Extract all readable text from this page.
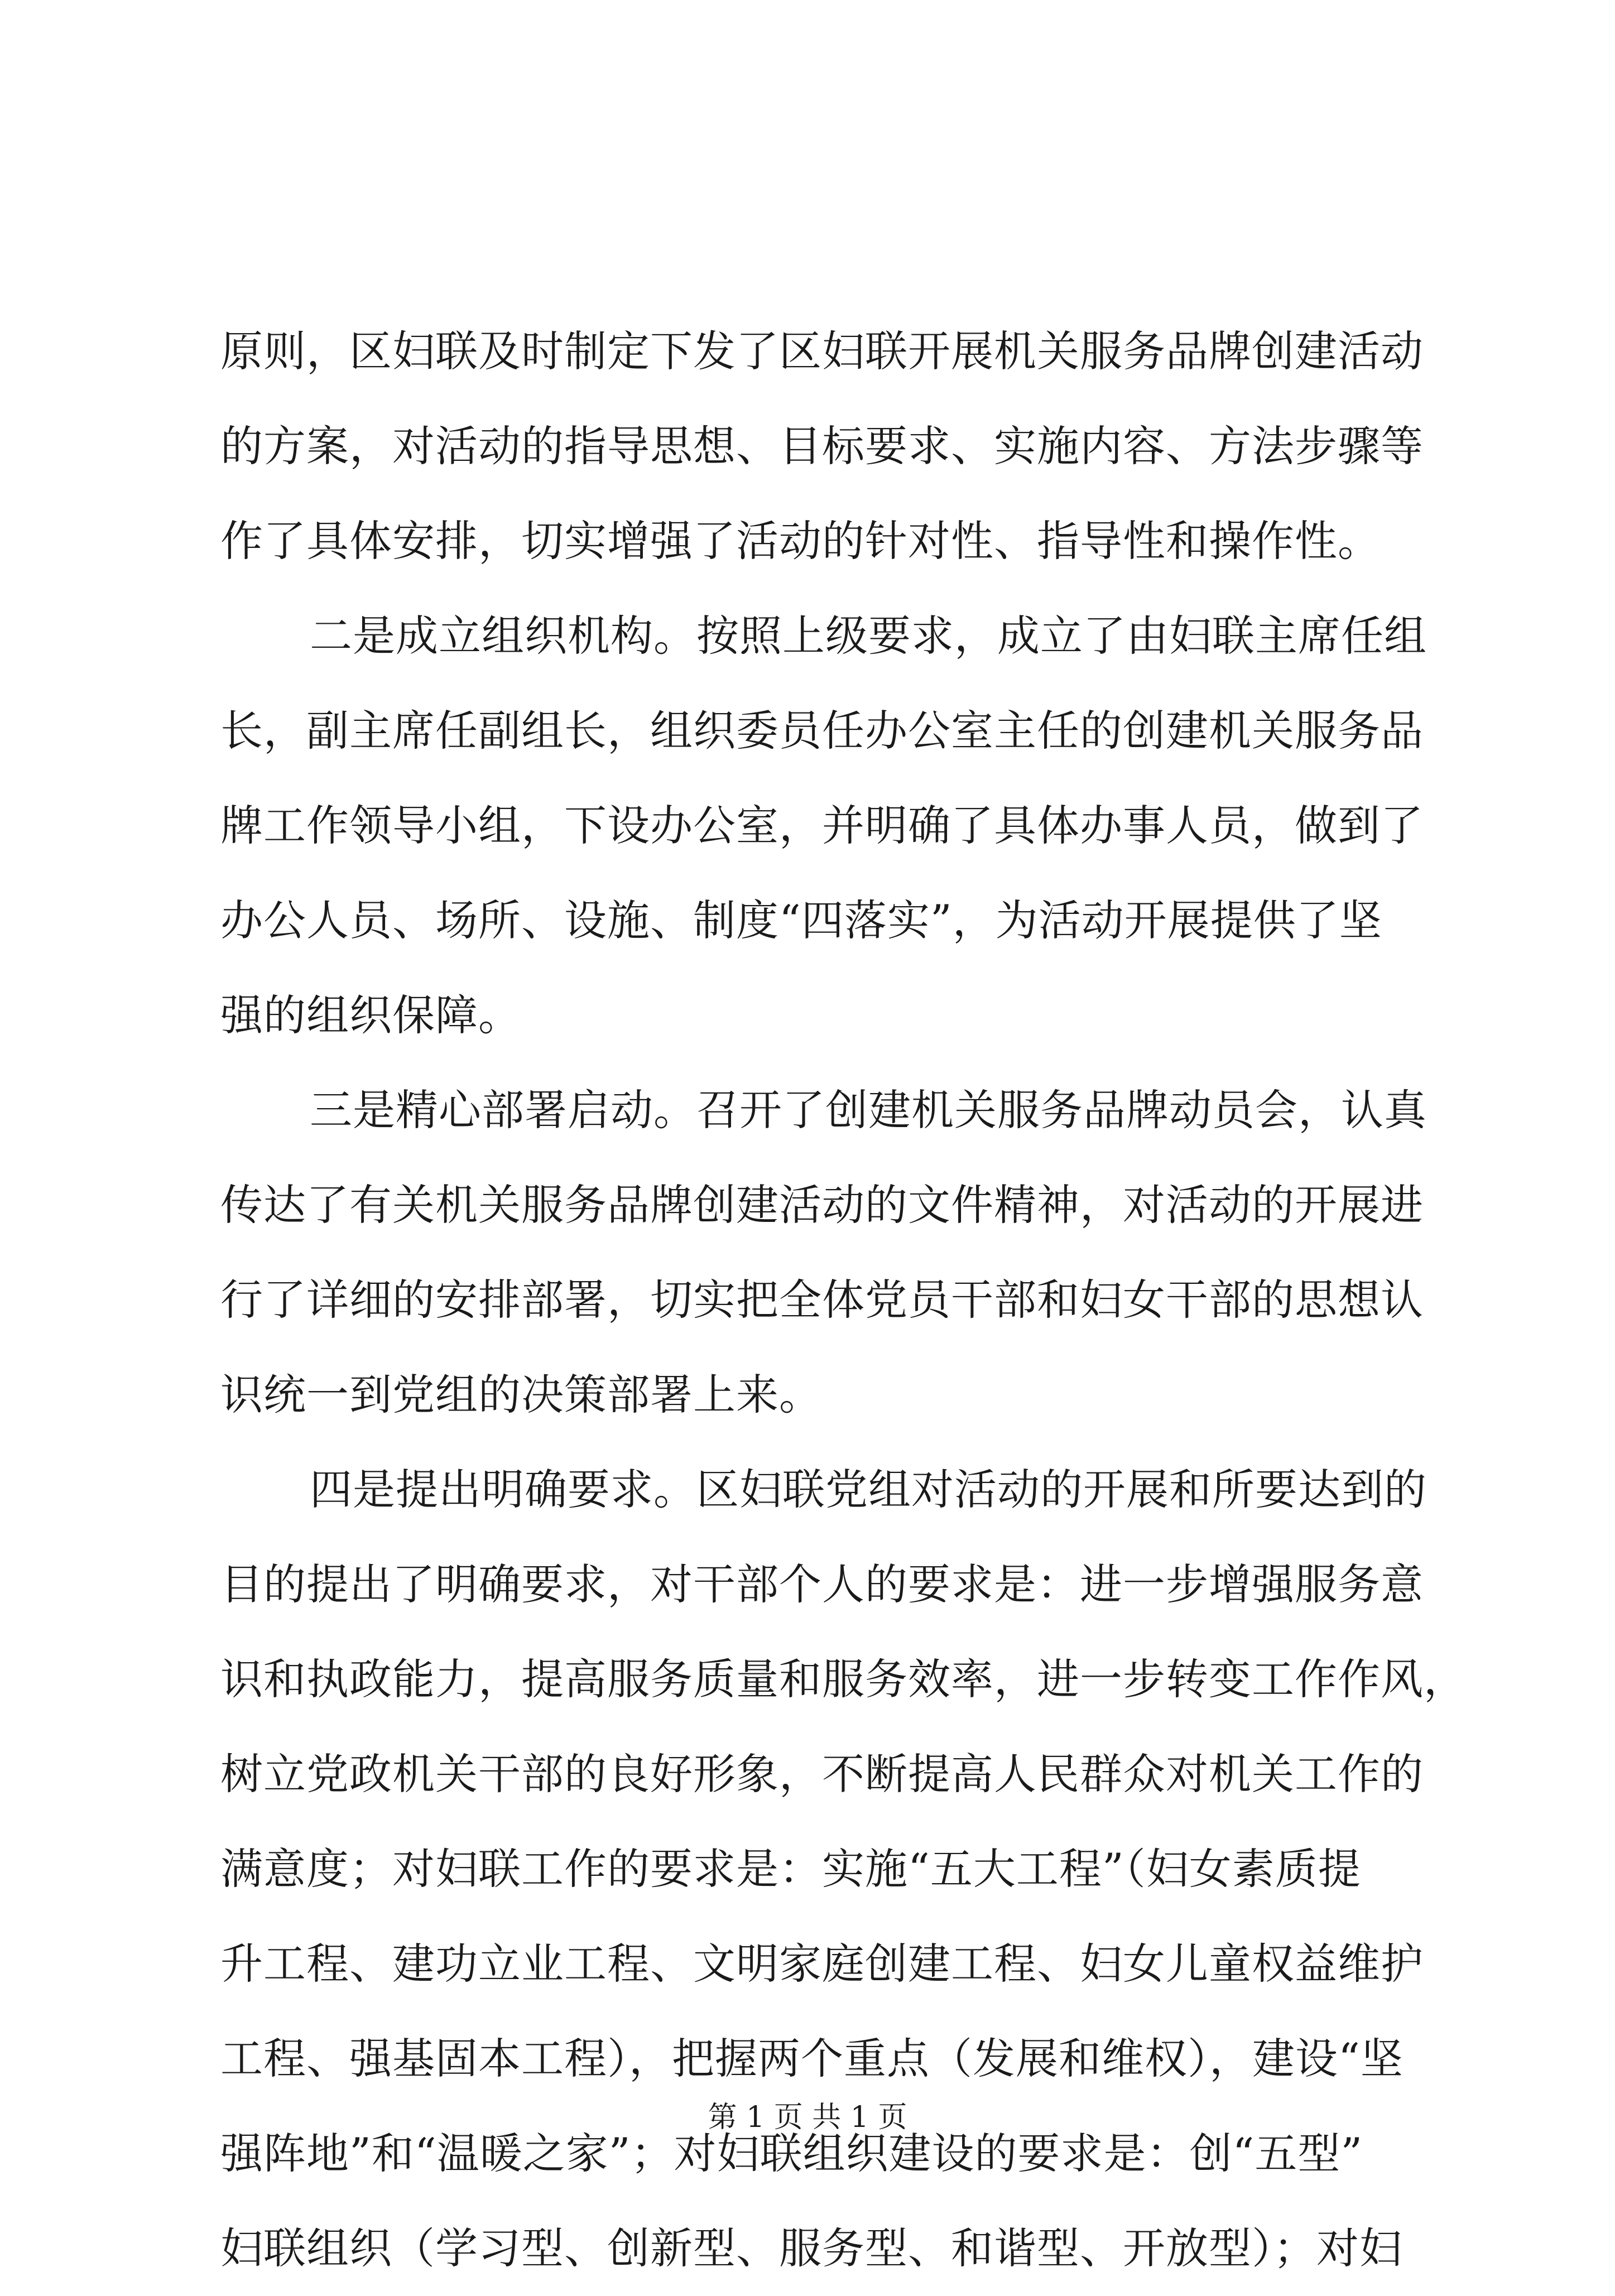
原则，区妇联及时制定下发了区妇联开展机关服务品牌创建活动
的方案，对活动的指导思想、目标要求、实施内容、方法步骤等
作了具体安排，切实增强了活动的针对性、指导性和操作性。
二是成立组织机构。按照上级要求，成立了由妇联主席任组
长，副主席任副组长，组织委员任办公室主任的创建机关服务品
牌工作领导小组，下设办公室，并明确了具体办事人员，做到了
办公人员、场所、设施、制度“四落实”，为活动开展提供了坚
强的组织保障。
三是精心部署启动。召开了创建机关服务品牌动员会，认真
传达了有关机关服务品牌创建活动的文件精神，对活动的开展进
行了详细的安排部署，切实把全体党员干部和妇女干部的思想认
识统一到党组的决策部署上来。
四是提出明确要求。区妇联党组对活动的开展和所要达到的
目的提出了明确要求，对干部个人的要求是：进一步增强服务意
识和执政能力，提高服务质量和服务效率，进一步转变工作作风，
树立党政机关干部的良好形象，不断提高人民群众对机关工作的
满意度；对妇联工作的要求是：实施“五大工程”（妇女素质提
升工程、建功立业工程、文明家庭创建工程、妇女儿童权益维护
工程、强基固本工程），把握两个重点（发展和维权），建设“坚
强阵地”和“温暖之家”；对妇联组织建设的要求是：创“五型”
妇联组织（学习型、创新型、服务型、和谐型、开放型）；对妇
第 1 页 共 1 页
